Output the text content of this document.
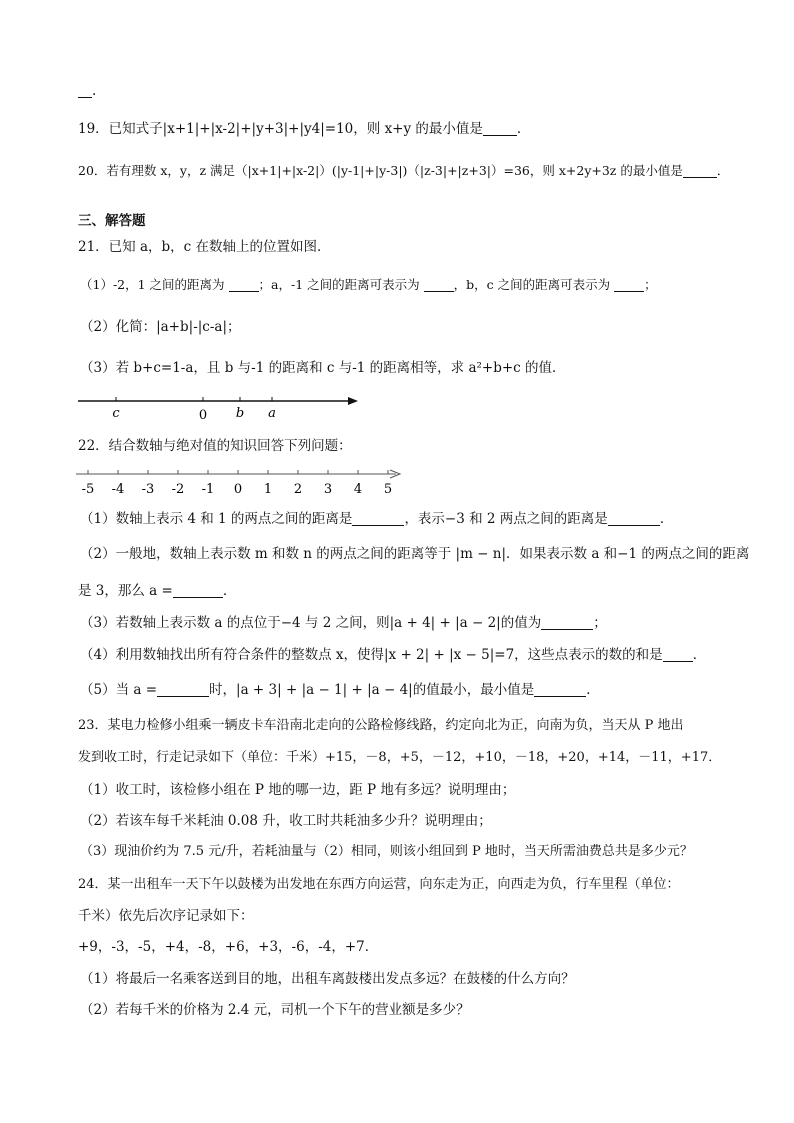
.
19．已知式子|x+1|+|x-2|+|y+3|+|y4|=10，则 x+y 的最小值是	．
20．若有理数 x，y，z 满足（|x+1|+|x-2|）(|y-1|+|y-3|)（|z-3|+|z+3|）=36，则 x+2y+3z 的最小值是	．
三、解答题
21．已知 a，b，c 在数轴上的位置如图．
（1）-2，1 之间的距离为 ；a，-1 之间的距离可表示为 ，b，c 之间的距离可表示为 ；
（2）化简：|a+b|-|c-a|；
（3）若 b+c=1-a，且 b 与-1 的距离和 c 与-1 的距离相等，求 a²+b+c 的值．
c	0 b a
22．结合数轴与绝对值的知识回答下列问题：
-5 -4 -3 -2 -1 0 1 2 3 4 5
（1）数轴上表示 4 和 1 的两点之间的距离是	，表示−3 和 2 两点之间的距离是	．
（2）一般地，数轴上表示数 m 和数 n 的两点之间的距离等于 |m − n|．如果表示数 a 和−1 的两点之间的距离
是 3，那么 a =	．
（3）若数轴上表示数 a 的点位于−4 与 2 之间，则|a + 4| + |a − 2|的值为	；
（4）利用数轴找出所有符合条件的整数点 x，使得|x + 2| + |x − 5|=7，这些点表示的数的和是 ．
（5）当 a =	时，|a + 3| + |a − 1| + |a − 4|的值最小，最小值是	．
23．某电力检修小组乘一辆皮卡车沿南北走向的公路检修线路，约定向北为正，向南为负，当天从 P 地出
发到收工时，行走记录如下（单位：千米）+15，－8，+5，－12，+10，－18，+20，+14，－11，+17．
（1）收工时，该检修小组在 P 地的哪一边，距 P 地有多远？说明理由；
（2）若该车每千米耗油 0.08 升，收工时共耗油多少升？说明理由；
（3）现油价约为 7.5 元/升，若耗油量与（2）相同，则该小组回到 P 地时，当天所需油费总共是多少元？
24．某一出租车一天下午以鼓楼为出发地在东西方向运营，向东走为正，向西走为负，行车里程（单位：
千米）依先后次序记录如下：
+9，-3，-5，+4，-8，+6，+3，-6，-4，+7．
（1）将最后一名乘客送到目的地，出租车离鼓楼出发点多远？在鼓楼的什么方向？
（2）若每千米的价格为 2.4 元，司机一个下午的营业额是多少？
